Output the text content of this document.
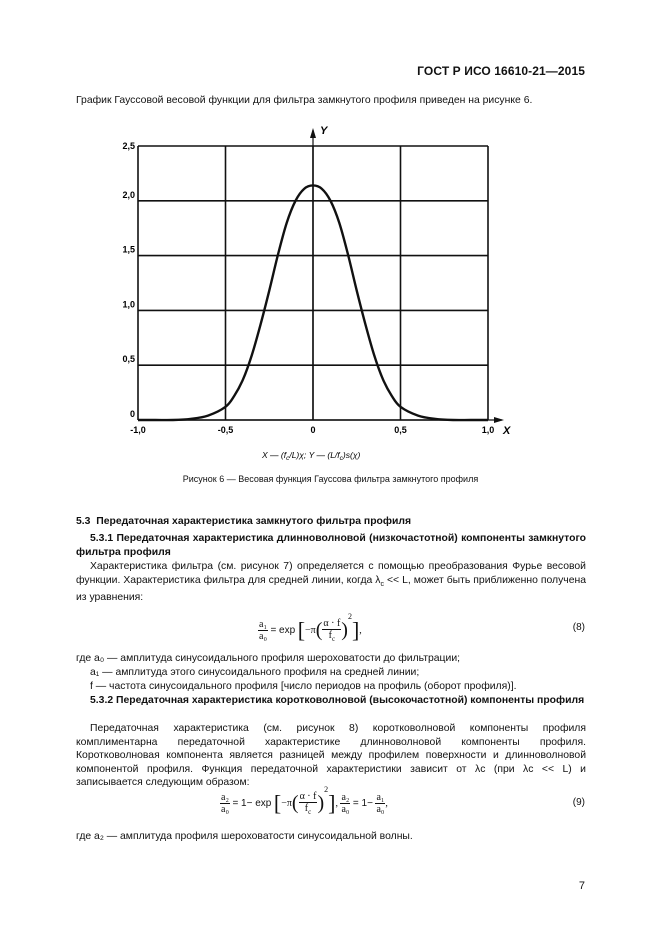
ГОСТ Р ИСО 16610-21—2015
График Гауссовой весовой функции для фильтра замкнутого профиля приведен на рисунке 6.
-1,0	-0,5	0	0,5	1,0
0
0,5
1,0
1,5
2,0
2,5
Y
X
X — $(f_c/L)\chi$; Y — $(L/f_c)s(\chi)$
Рисунок 6 — Весовая функция Гауссова фильтра замкнутого профиля
5.3 Передаточная характеристика замкнутого фильтра профиля
5.3.1 Передаточная характеристика длинноволновой (низкочастотной) компоненты замкнутого фильтра профиля
Характеристика фильтра (см. рисунок 7) определяется с помощью преобразования Фурье весовой функции. Характеристика фильтра для средней линии, когда $\lambda_c << L$, может быть приближенно получена из уравнения:
$\frac{\text{a₁}}{\text{a₀}} = \exp [-\pi( \frac{\alpha \cdot f}{f_c} )^2]$,	(8)
где a₀ — амплитуда синусоидального профиля шероховатости до фильтрации;
a₁ — амплитуда этого синусоидального профиля на средней линии;
f — частота синусоидального профиля [число периодов на профиль (оборот профиля)].
5.3.2 Передаточная характеристика коротковолновой (высокочастотной) компоненты профиля
Передаточная характеристика (см. рисунок 8) коротковолновой компоненты профиля комплиментарна передаточной характеристике длинноволновой компоненты профиля. Коротковолновая компонента является разницей между профилем поверхности и длинноволновой компонентой профиля. Функция передаточной характеристики зависит от λc (при λc << L) и записывается следующим образом:
$\frac{\text{a₂}}{\text{a₀}} = 1- \exp [-\pi( \frac{\alpha \cdot f}{f_c} )^2]$, $\frac{\text{a₂}}{\text{a₀}} = 1- \frac{\text{a₁}}{\text{a₀}}$ ,	(9)
где a₂ — амплитуда профиля шероховатости синусоидальной волны.
7
